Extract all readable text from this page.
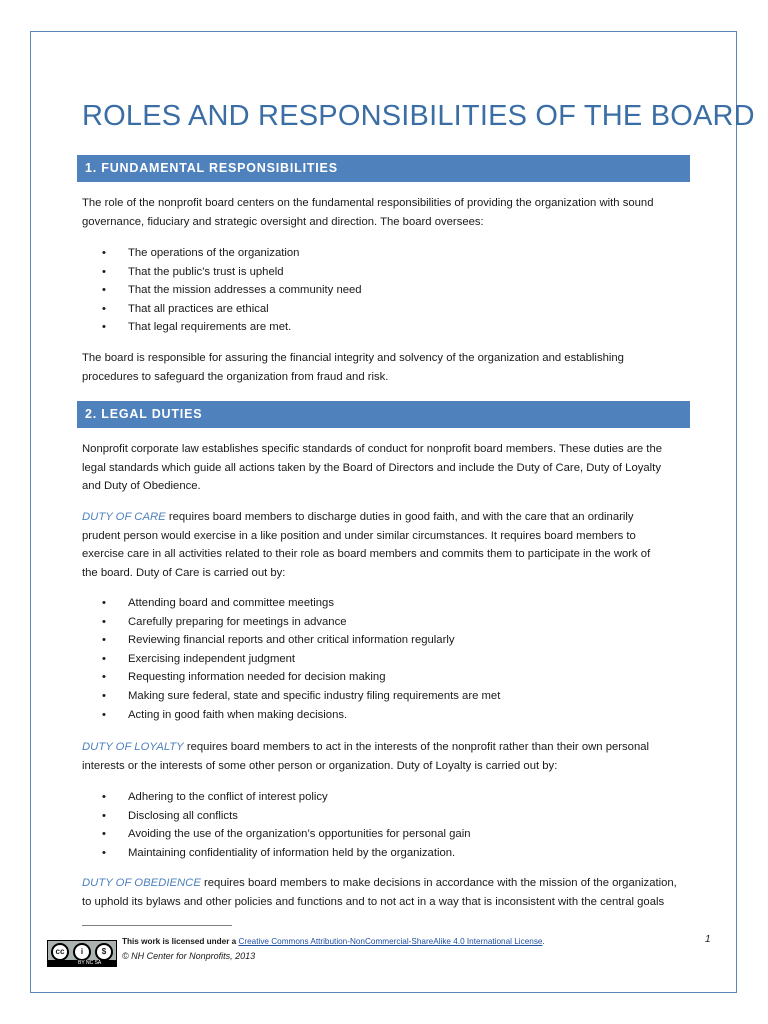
ROLES AND RESPONSIBILITIES OF THE BOARD
1. FUNDAMENTAL RESPONSIBILITIES
The role of the nonprofit board centers on the fundamental responsibilities of providing the organization with sound
governance, fiduciary and strategic oversight and direction. The board oversees:
• The operations of the organization
• That the public’s trust is upheld
• That the mission addresses a community need
• That all practices are ethical
• That legal requirements are met.
The board is responsible for assuring the financial integrity and solvency of the organization and establishing
procedures to safeguard the organization from fraud and risk.
2. LEGAL DUTIES
Nonprofit corporate law establishes specific standards of conduct for nonprofit board members. These duties are the
legal standards which guide all actions taken by the Board of Directors and include the Duty of Care, Duty of Loyalty
and Duty of Obedience.
DUTY OF CARE requires board members to discharge duties in good faith, and with the care that an ordinarily
prudent person would exercise in a like position and under similar circumstances. It requires board members to
exercise care in all activities related to their role as board members and commits them to participate in the work of
the board. Duty of Care is carried out by:
• Attending board and committee meetings
• Carefully preparing for meetings in advance
• Reviewing financial reports and other critical information regularly
• Exercising independent judgment
• Requesting information needed for decision making
• Making sure federal, state and specific industry filing requirements are met
• Acting in good faith when making decisions.
DUTY OF LOYALTY requires board members to act in the interests of the nonprofit rather than their own personal
interests or the interests of some other person or organization. Duty of Loyalty is carried out by:
• Adhering to the conflict of interest policy
• Disclosing all conflicts
• Avoiding the use of the organization’s opportunities for personal gain
• Maintaining confidentiality of information held by the organization.
DUTY OF OBEDIENCE requires board members to make decisions in accordance with the mission of the organization,
to uphold its bylaws and other policies and functions and to not act in a way that is inconsistent with the central goals
cc	i	$
BY NC SA
This work is licensed under a Creative Commons Attribution-NonCommercial-ShareAlike 4.0 International License.
© NH Center for Nonprofits, 2013
1
